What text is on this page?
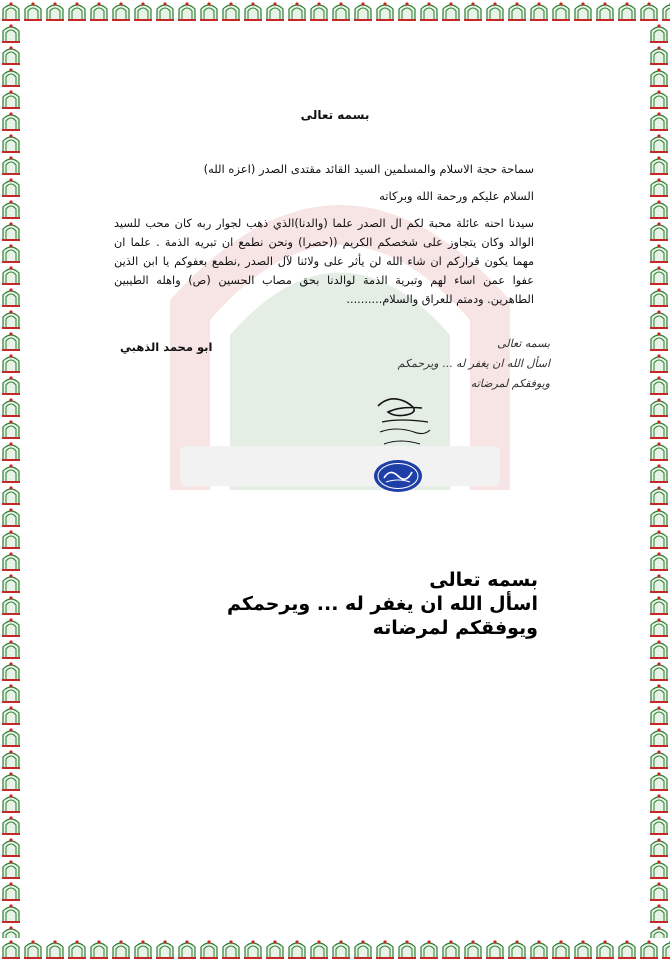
بسمه تعالى
سماحة حجة الاسلام والمسلمين السيد القائد مقتدى الصدر (اعزه الله)
السلام عليكم ورحمة الله وبركاته
سيدنا احنه عائلة محبة لكم ال الصدر علما (والدنا)الذي ذهب لجوار ربه كان محب للسيد الوالد وكان يتجاوز على شخصكم الكريم ((حصرا) ونحن نطمع ان تبريه الذمة . علما ان مهما يكون قراركم ان شاء الله لن يأثر على ولائنا لآل الصدر ,نطمع بعفوكم يا ابن الذين عفوا عمن اساء لهم وتبرية الذمة لوالدنا بحق مصاب الحسين (ص) واهله الطيبين الطاهرين. ودمتم للعراق والسلام..........
ابو محمد الذهبي	بسمه تعالى
اسأل الله ان يغفر له ... ويرحمكم
ويوفقكم لمرضاته
بسمه تعالى
اسأل الله ان يغفر له ... ويرحمكم
ويوفقكم لمرضاته
